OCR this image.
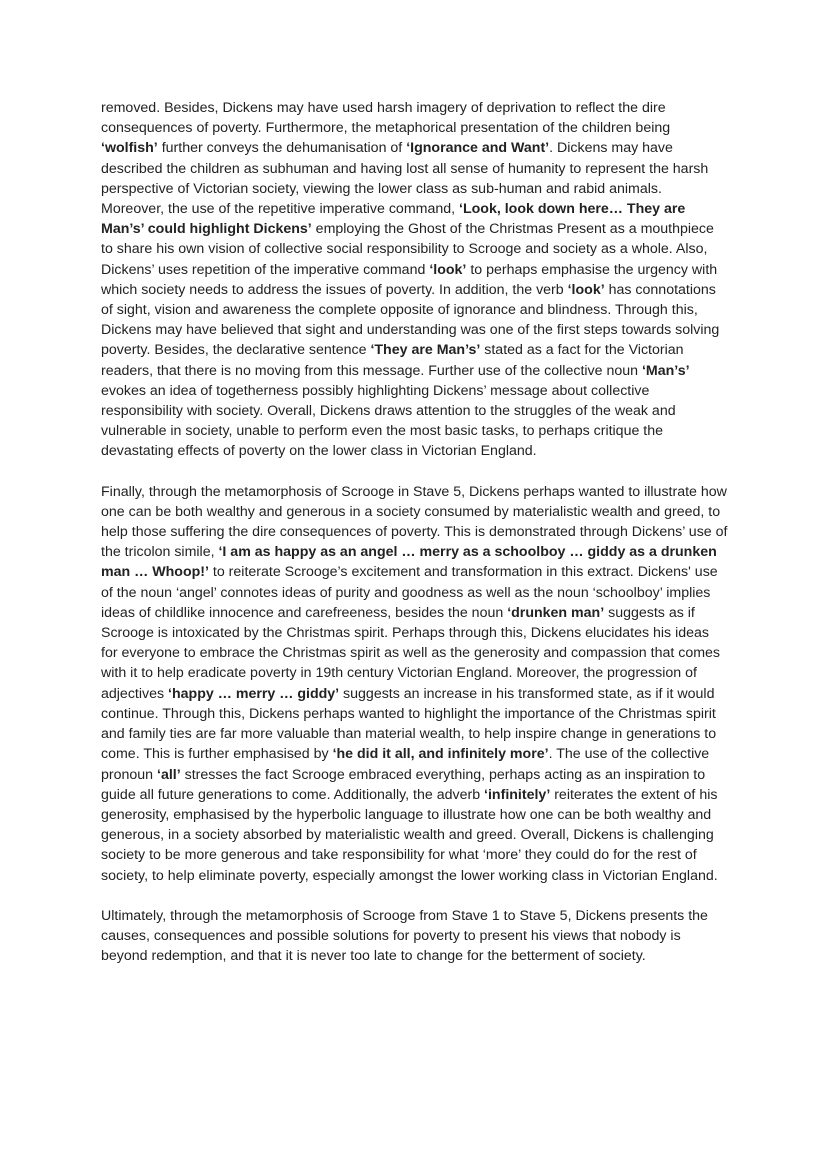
removed. Besides, Dickens may have used harsh imagery of deprivation to reflect the dire consequences of poverty. Furthermore, the metaphorical presentation of the children being ‘wolfish’ further conveys the dehumanisation of ‘Ignorance and Want’. Dickens may have described the children as subhuman and having lost all sense of humanity to represent the harsh perspective of Victorian society, viewing the lower class as sub-human and rabid animals. Moreover, the use of the repetitive imperative command, ‘Look, look down here… They are Man’s’ could highlight Dickens’ employing the Ghost of the Christmas Present as a mouthpiece to share his own vision of collective social responsibility to Scrooge and society as a whole. Also, Dickens’ uses repetition of the imperative command ‘look’ to perhaps emphasise the urgency with which society needs to address the issues of poverty. In addition, the verb ‘look’ has connotations of sight, vision and awareness the complete opposite of ignorance and blindness. Through this, Dickens may have believed that sight and understanding was one of the first steps towards solving poverty. Besides, the declarative sentence ‘They are Man’s’ stated as a fact for the Victorian readers, that there is no moving from this message. Further use of the collective noun ‘Man’s’ evokes an idea of togetherness possibly highlighting Dickens’ message about collective responsibility with society. Overall, Dickens draws attention to the struggles of the weak and vulnerable in society, unable to perform even the most basic tasks, to perhaps critique the devastating effects of poverty on the lower class in Victorian England.

Finally, through the metamorphosis of Scrooge in Stave 5, Dickens perhaps wanted to illustrate how one can be both wealthy and generous in a society consumed by materialistic wealth and greed, to help those suffering the dire consequences of poverty. This is demonstrated through Dickens’ use of the tricolon simile, ‘I am as happy as an angel … merry as a schoolboy … giddy as a drunken man … Whoop!’ to reiterate Scrooge’s excitement and transformation in this extract. Dickens' use of the noun ‘angel’ connotes ideas of purity and goodness as well as the noun ‘schoolboy’ implies ideas of childlike innocence and carefreeness, besides the noun ‘drunken man’ suggests as if Scrooge is intoxicated by the Christmas spirit. Perhaps through this, Dickens elucidates his ideas for everyone to embrace the Christmas spirit as well as the generosity and compassion that comes with it to help eradicate poverty in 19th century Victorian England. Moreover, the progression of adjectives ‘happy … merry … giddy’ suggests an increase in his transformed state, as if it would continue. Through this, Dickens perhaps wanted to highlight the importance of the Christmas spirit and family ties are far more valuable than material wealth, to help inspire change in generations to come. This is further emphasised by ‘he did it all, and infinitely more’. The use of the collective pronoun ‘all’ stresses the fact Scrooge embraced everything, perhaps acting as an inspiration to guide all future generations to come. Additionally, the adverb ‘infinitely’ reiterates the extent of his generosity, emphasised by the hyperbolic language to illustrate how one can be both wealthy and generous, in a society absorbed by materialistic wealth and greed. Overall, Dickens is challenging society to be more generous and take responsibility for what ‘more’ they could do for the rest of society, to help eliminate poverty, especially amongst the lower working class in Victorian England.

Ultimately, through the metamorphosis of Scrooge from Stave 1 to Stave 5, Dickens presents the causes, consequences and possible solutions for poverty to present his views that nobody is beyond redemption, and that it is never too late to change for the betterment of society.
